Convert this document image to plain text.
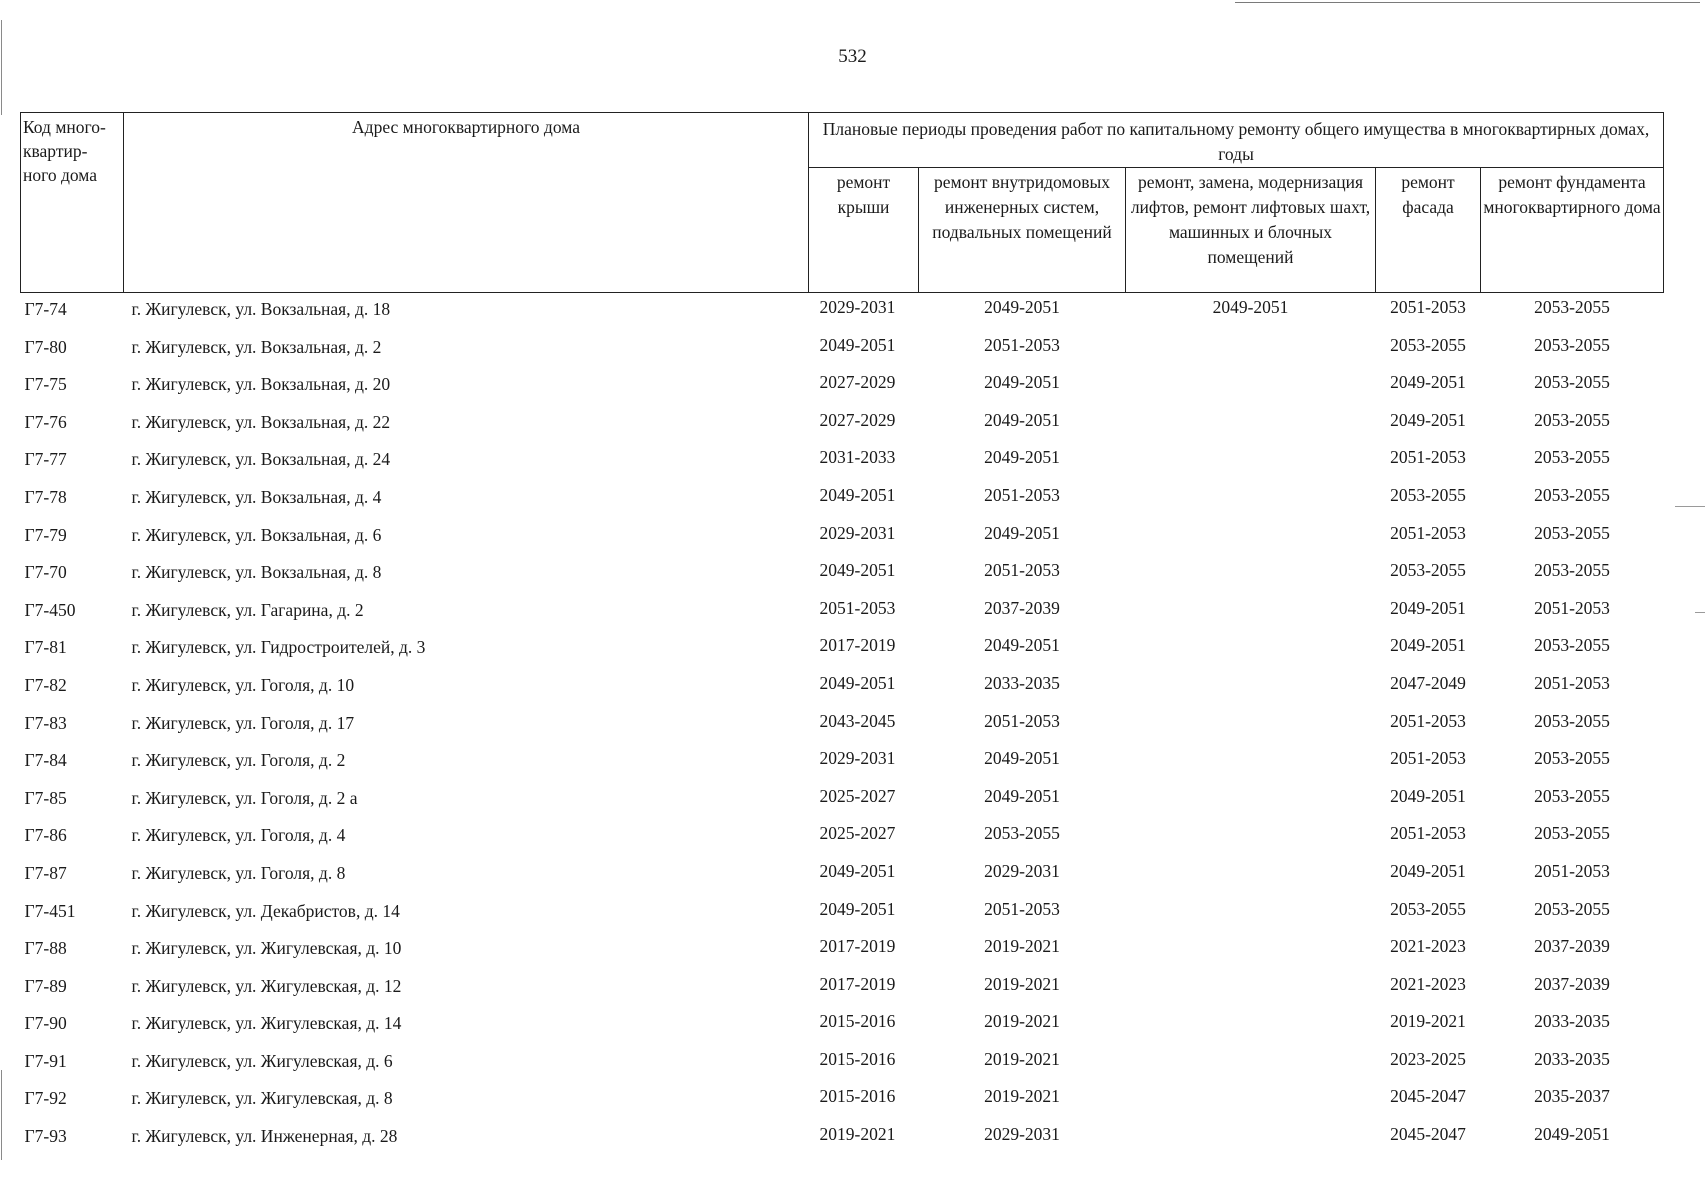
532
Код много-квартир-ного дома	Адрес многоквартирного дома	Плановые периоды проведения работ по капитальному ремонту общего имущества в многоквартирных домах, годы				
		ремонт крыши	ремонт внутридомовых инженерных систем, подвальных помещений	ремонт, замена, модернизация лифтов, ремонт лифтовых шахт, машинных и блочных помещений	ремонт фасада	ремонт фундамента многоквартирного дома
Г7-74	г. Жигулевск, ул. Вокзальная, д. 18	2029-2031	2049-2051	2049-2051	2051-2053	2053-2055
Г7-80	г. Жигулевск, ул. Вокзальная, д. 2	2049-2051	2051-2053		2053-2055	2053-2055
Г7-75	г. Жигулевск, ул. Вокзальная, д. 20	2027-2029	2049-2051		2049-2051	2053-2055
Г7-76	г. Жигулевск, ул. Вокзальная, д. 22	2027-2029	2049-2051		2049-2051	2053-2055
Г7-77	г. Жигулевск, ул. Вокзальная, д. 24	2031-2033	2049-2051		2051-2053	2053-2055
Г7-78	г. Жигулевск, ул. Вокзальная, д. 4	2049-2051	2051-2053		2053-2055	2053-2055
Г7-79	г. Жигулевск, ул. Вокзальная, д. 6	2029-2031	2049-2051		2051-2053	2053-2055
Г7-70	г. Жигулевск, ул. Вокзальная, д. 8	2049-2051	2051-2053		2053-2055	2053-2055
Г7-450	г. Жигулевск, ул. Гагарина, д. 2	2051-2053	2037-2039		2049-2051	2051-2053
Г7-81	г. Жигулевск, ул. Гидростроителей, д. 3	2017-2019	2049-2051		2049-2051	2053-2055
Г7-82	г. Жигулевск, ул. Гоголя, д. 10	2049-2051	2033-2035		2047-2049	2051-2053
Г7-83	г. Жигулевск, ул. Гоголя, д. 17	2043-2045	2051-2053		2051-2053	2053-2055
Г7-84	г. Жигулевск, ул. Гоголя, д. 2	2029-2031	2049-2051		2051-2053	2053-2055
Г7-85	г. Жигулевск, ул. Гоголя, д. 2 а	2025-2027	2049-2051		2049-2051	2053-2055
Г7-86	г. Жигулевск, ул. Гоголя, д. 4	2025-2027	2053-2055		2051-2053	2053-2055
Г7-87	г. Жигулевск, ул. Гоголя, д. 8	2049-2051	2029-2031		2049-2051	2051-2053
Г7-451	г. Жигулевск, ул. Декабристов, д. 14	2049-2051	2051-2053		2053-2055	2053-2055
Г7-88	г. Жигулевск, ул. Жигулевская, д. 10	2017-2019	2019-2021		2021-2023	2037-2039
Г7-89	г. Жигулевск, ул. Жигулевская, д. 12	2017-2019	2019-2021		2021-2023	2037-2039
Г7-90	г. Жигулевск, ул. Жигулевская, д. 14	2015-2016	2019-2021		2019-2021	2033-2035
Г7-91	г. Жигулевск, ул. Жигулевская, д. 6	2015-2016	2019-2021		2023-2025	2033-2035
Г7-92	г. Жигулевск, ул. Жигулевская, д. 8	2015-2016	2019-2021		2045-2047	2035-2037
Г7-93	г. Жигулевск, ул. Инженерная, д. 28	2019-2021	2029-2031		2045-2047	2049-2051
